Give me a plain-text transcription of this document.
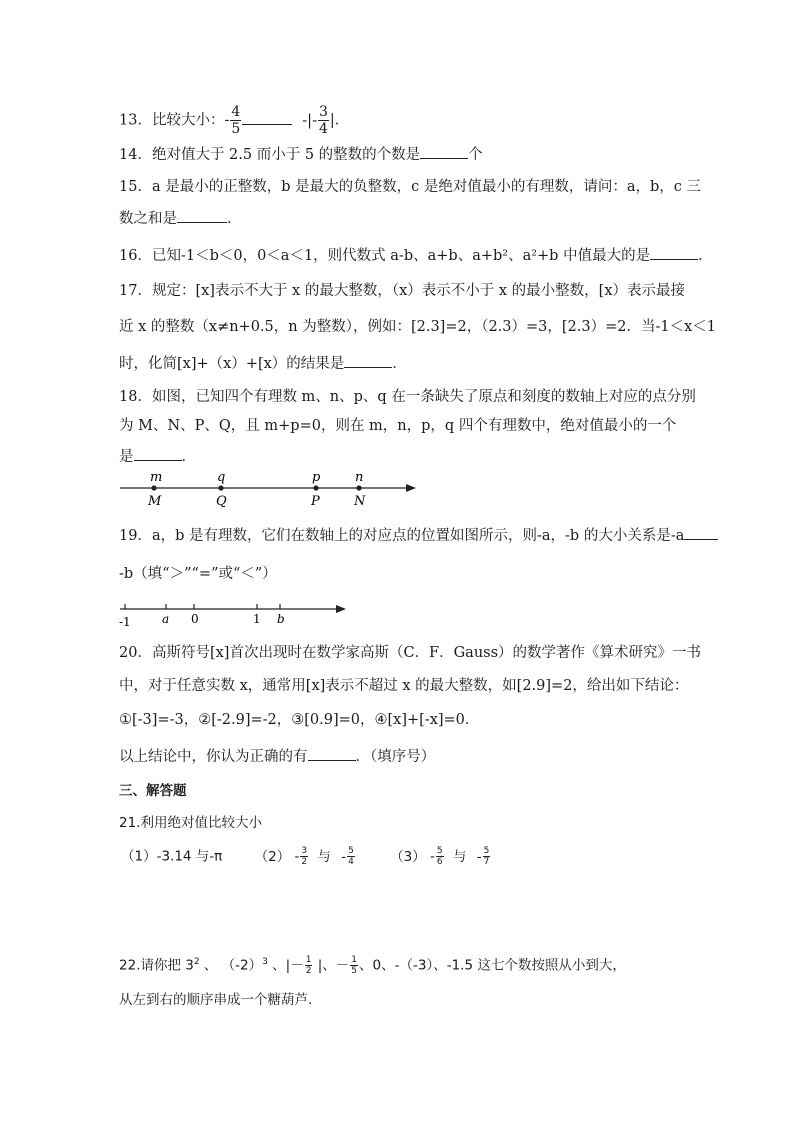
13．比较大小：- $\frac{4}{5}$	-|- $\frac{3}{4}$ |．
14．绝对值大于 2.5 而小于 5 的整数的个数是	个
15．a 是最小的正整数，b 是最大的负整数，c 是绝对值最小的有理数，请问：a，b，c 三
数之和是	．
16．已知-1＜b＜0，0＜a＜1，则代数式 a-b、a+b、a+b²、a²+b 中值最大的是	．
17．规定：[x]表示不大于 x 的最大整数，（x）表示不小于 x 的最小整数，[x）表示最接
近 x 的整数（x≠n+0.5，n 为整数），例如：[2.3]=2，（2.3）=3，[2.3）=2．当-1＜x＜1
时，化简[x]+（x）+[x）的结果是	．
18．如图，已知四个有理数 m、n、p、q 在一条缺失了原点和刻度的数轴上对应的点分别
为 M、N、P、Q，且 m+p=0，则在 m，n，p，q 四个有理数中，绝对值最小的一个
是	．
m	q	p	n
M	Q	P	N
-1	a 0	1 b
19．a，b 是有理数，它们在数轴上的对应点的位置如图所示，则-a，-b 的大小关系是-a
-b（填“＞”“=”或“＜”）
20．高斯符号[x]首次出现时在数学家高斯（C．F．Gauss）的数学著作《算术研究》一书
中，对于任意实数 x，通常用[x]表示不超过 x 的最大整数，如[2.9]=2，给出如下结论：
①[-3]=-3，②[-2.9]=-2，③[0.9]=0，④[x]+[-x]=0．
以上结论中，你认为正确的有	．（填序号）
三、解答题
21.利用绝对值比较大小
（1）-3.14 与-π $(2) - \frac{3}{2}$ 与 - $\frac{5}{4}$	$(3) - \frac{5}{6}$ 与 - $\frac{5}{7}$
22.请你把 $3^2$ 、 $(-2)^3$ 、|－ $\frac{1}{2}$ |、－ $\frac{1}{5}$ 、0、-（-3）、-1.5 这七个数按照从小到大，
从左到右的顺序串成一个糖葫芦.
